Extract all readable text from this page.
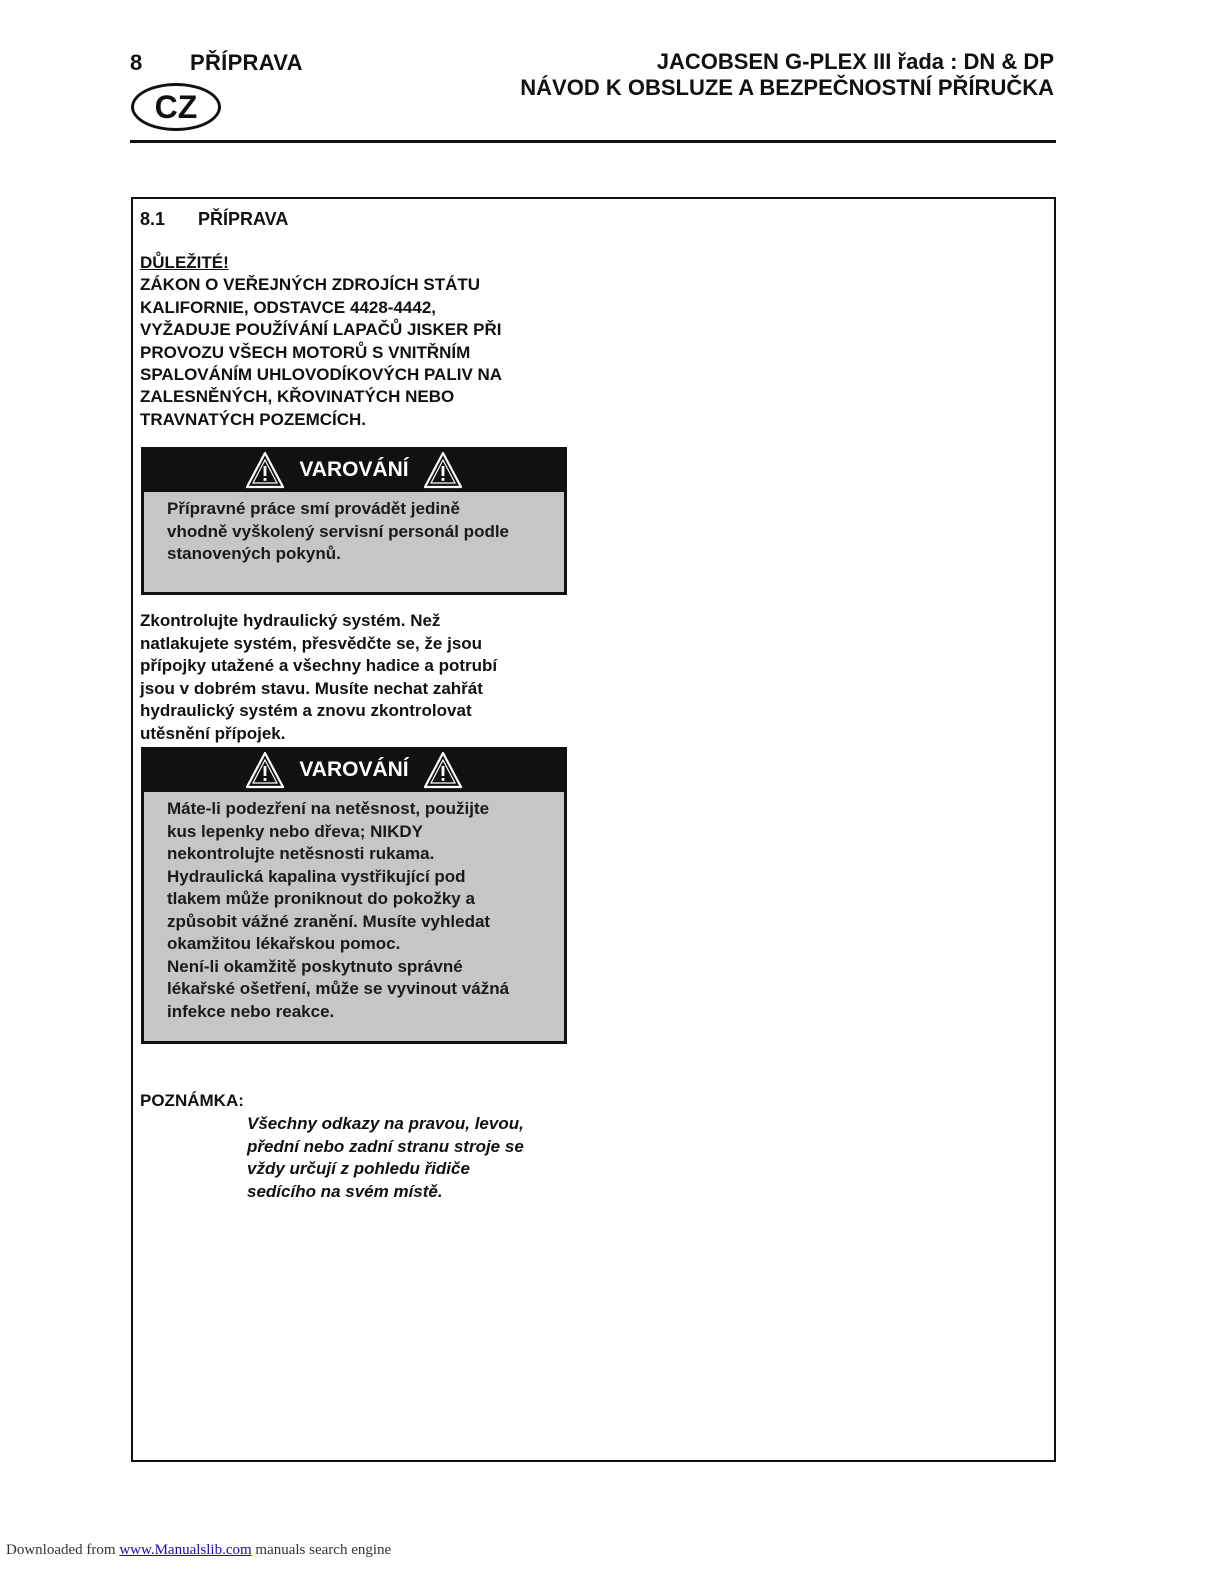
8 PŘÍPRAVA	JACOBSEN G-PLEX III řada : DN & DP
NÁVOD K OBSLUZE A BEZPEČNOSTNÍ PŘÍRUČKA
CZ
8.1 PŘÍPRAVA
DŮLEŽITÉ!
ZÁKON O VEŘEJNÝCH ZDROJÍCH STÁTU
KALIFORNIE, ODSTAVCE 4428-4442,
VYŽADUJE POUŽÍVÁNÍ LAPAČŮ JISKER PŘI
PROVOZU VŠECH MOTORŮ S VNITŘNÍM
SPALOVÁNÍM UHLOVODÍKOVÝCH PALIV NA
ZALESNĚNÝCH, KŘOVINATÝCH NEBO
TRAVNATÝCH POZEMCÍCH.
VAROVÁNÍ
Přípravné práce smí provádět jedině
vhodně vyškolený servisní personál podle
stanovených pokynů.
Zkontrolujte hydraulický systém. Než
natlakujete systém, přesvědčte se, že jsou
přípojky utažené a všechny hadice a potrubí
jsou v dobrém stavu. Musíte nechat zahřát
hydraulický systém a znovu zkontrolovat
utěsnění přípojek.
VAROVÁNÍ
Máte-li podezření na netěsnost, použijte
kus lepenky nebo dřeva; NIKDY
nekontrolujte netěsnosti rukama.
Hydraulická kapalina vystřikující pod
tlakem může proniknout do pokožky a
způsobit vážné zranění. Musíte vyhledat
okamžitou lékařskou pomoc.
Není-li okamžitě poskytnuto správné
lékařské ošetření, může se vyvinout vážná
infekce nebo reakce.
POZNÁMKA:
Všechny odkazy na pravou, levou,
přední nebo zadní stranu stroje se
vždy určují z pohledu řidiče
sedícího na svém místě.
Downloaded from www.Manualslib.com manuals search engine
